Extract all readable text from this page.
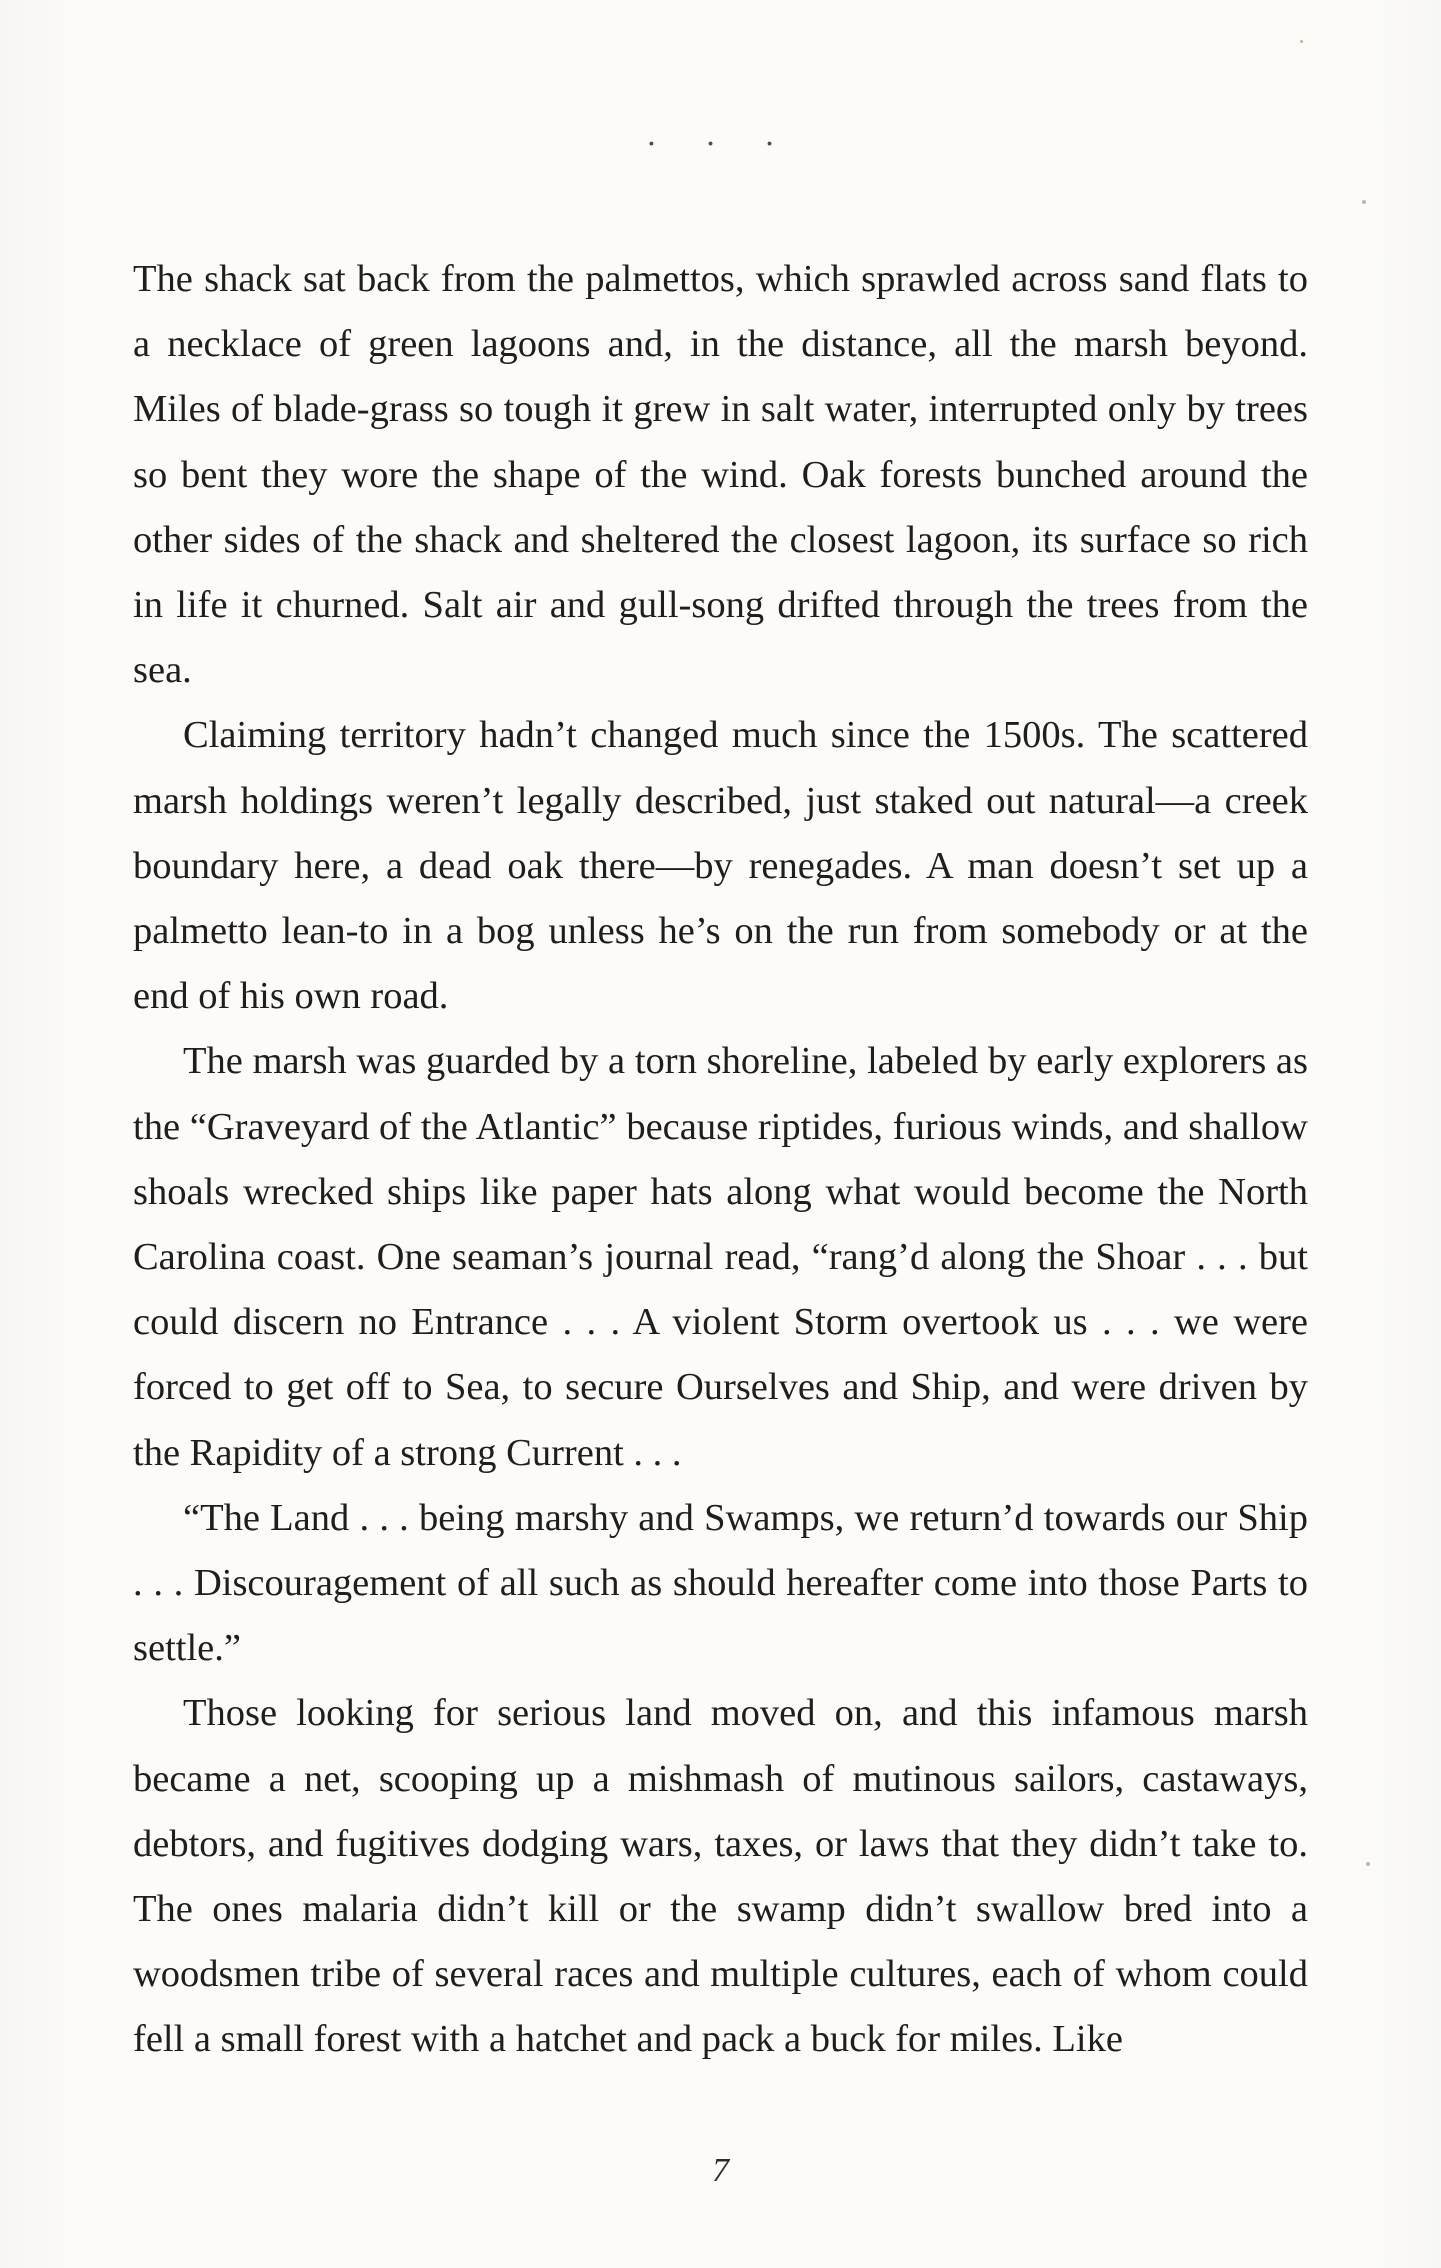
. . .

The shack sat back from the palmettos, which sprawled across sand flats to a necklace of green lagoons and, in the distance, all the marsh beyond. Miles of blade-grass so tough it grew in salt water, interrupted only by trees so bent they wore the shape of the wind. Oak forests bunched around the other sides of the shack and sheltered the closest lagoon, its surface so rich in life it churned. Salt air and gull-song drifted through the trees from the sea.

Claiming territory hadn’t changed much since the 1500s. The scattered marsh holdings weren’t legally described, just staked out natural—a creek boundary here, a dead oak there—by renegades. A man doesn’t set up a palmetto lean-to in a bog unless he’s on the run from somebody or at the end of his own road.

The marsh was guarded by a torn shoreline, labeled by early explorers as the “Graveyard of the Atlantic” because riptides, furious winds, and shallow shoals wrecked ships like paper hats along what would become the North Carolina coast. One seaman’s journal read, “rang’d along the Shoar . . . but could discern no Entrance . . . A violent Storm overtook us . . . we were forced to get off to Sea, to secure Ourselves and Ship, and were driven by the Rapidity of a strong Current . . .

“The Land . . . being marshy and Swamps, we return’d towards our Ship . . . Discouragement of all such as should hereafter come into those Parts to settle.”

Those looking for serious land moved on, and this infamous marsh became a net, scooping up a mishmash of mutinous sailors, castaways, debtors, and fugitives dodging wars, taxes, or laws that they didn’t take to. The ones malaria didn’t kill or the swamp didn’t swallow bred into a woodsmen tribe of several races and multiple cultures, each of whom could fell a small forest with a hatchet and pack a buck for miles. Like

7
